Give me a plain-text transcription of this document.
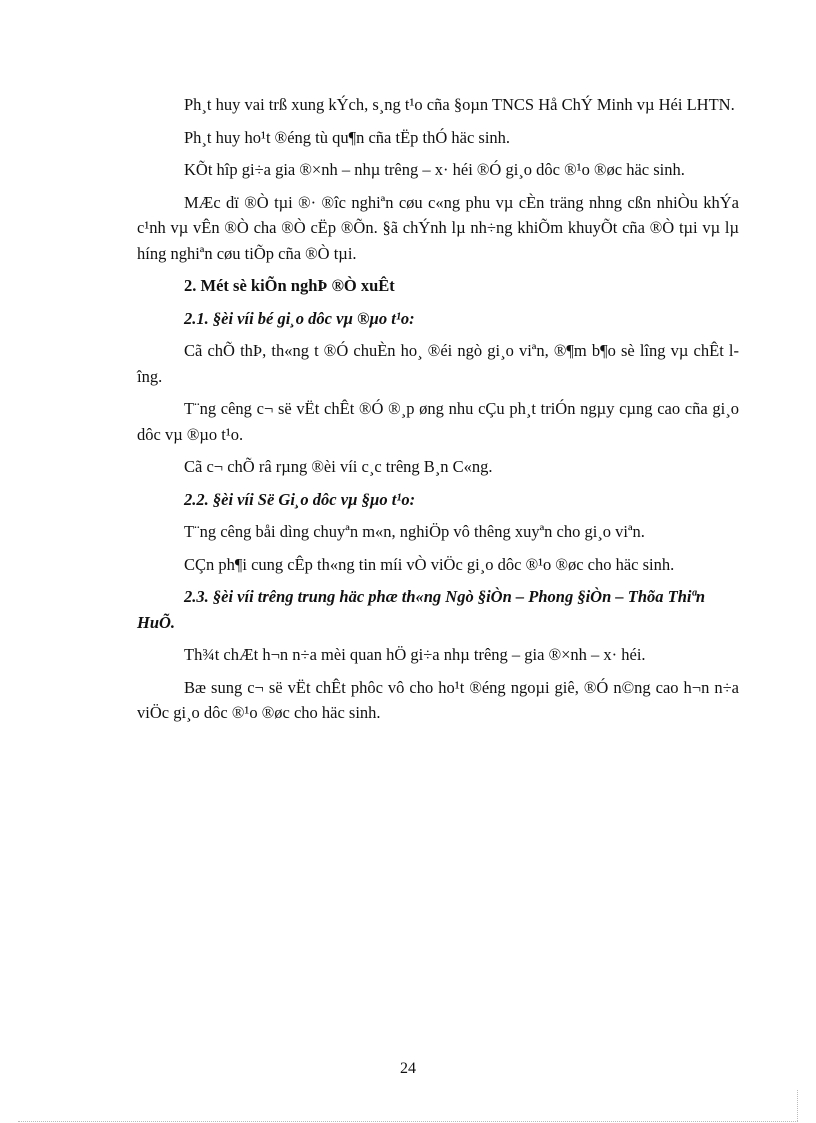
Ph¸t huy vai trß xung kÝch, s¸ng t¹o cña §oµn TNCS Hå ChÝ Minh vµ Héi LHTN.

Ph¸t huy ho¹t ®éng tù qu¶n cña tËp thÓ häc sinh.

KÕt hîp gi÷a gia ®×nh – nhµ trêng – x· héi ®Ó gi¸o dôc ®¹o ®øc häc sinh.

MÆc dï ®Ò tµi ®· ®îc nghiªn cøu c«ng phu vµ cÈn träng nhng cßn nhiÒu khÝa c¹nh vµ vÊn ®Ò cha ®Ò cËp ®Õn. §ã chÝnh lµ nh÷ng khiÕm khuyÕt cña ®Ò tµi vµ lµ híng nghiªn cøu tiÕp cña ®Ò tµi.

2. Mét sè kiÕn nghÞ ®Ò xuÊt

2.1. §èi víi bé gi¸o dôc vµ ®µo t¹o:

Cã chÕ thÞ, th«ng t ®Ó chuÈn ho¸ ®éi ngò gi¸o viªn, ®¶m b¶o sè lîng vµ chÊt lîng.

T¨ng cêng c¬ së vËt chÊt ®Ó ®¸p øng nhu cÇu ph¸t triÓn ngµy cµng cao cña gi¸o dôc vµ ®µo t¹o.

Cã c¬ chÕ râ rµng ®èi víi c¸c trêng B¸n C«ng.

2.2. §èi víi Së Gi¸o dôc vµ §µo t¹o:

T¨ng cêng båi dìng chuyªn m«n, nghiÖp vô thêng xuyªn cho gi¸o viªn.

CÇn ph¶i cung cÊp th«ng tin míi vÒ viÖc gi¸o dôc ®¹o ®øc cho häc sinh.

2.3. §èi víi trêng trung häc phæ th«ng Ngò §iÒn – Phong §iÒn – Thõa Thiªn HuÕ.

Th¾t chÆt h¬n n÷a mèi quan hÖ gi÷a nhµ trêng – gia ®×nh – x· héi.

Bæ sung c¬ së vËt chÊt phôc vô cho ho¹t ®éng ngoµi giê, ®Ó n©ng cao h¬n n÷a viÖc gi¸o dôc ®¹o ®øc cho häc sinh.

24
